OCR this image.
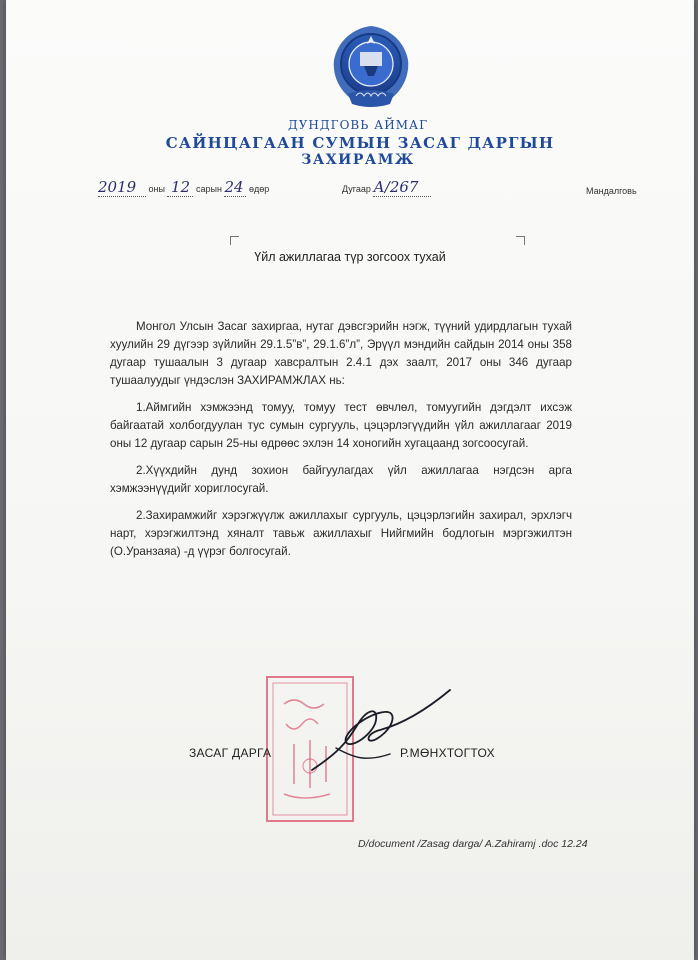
ДУНДГОВЬ АЙМАГ
САЙНЦАГААН СУМЫН ЗАСАГ ДАРГЫН
ЗАХИРАМЖ
2019 оны 12 сарын 24 өдөр	Дугаар А/267	Мандалговь
Үйл ажиллагаа түр зогсоох тухай

Монгол Улсын Засаг захиргаа, нутаг дэвсгэрийн нэгж, түүний удирдлагын тухай хуулийн 29 дүгээр зүйлийн 29.1.5”в”, 29.1.6”л”, Эрүүл мэндийн сайдын 2014 оны 358 дугаар тушаалын 3 дугаар хавсралтын 2.4.1 дэх заалт, 2017 оны 346 дугаар тушаалуудыг үндэслэн ЗАХИРАМЖЛАХ нь:

1.Аймгийн хэмжээнд томуу, томуу тест өвчлөл, томуугийн дэгдэлт ихсэж байгаатай холбогдуулан тус сумын сургууль, цэцэрлэгүүдийн үйл ажиллагааг 2019 оны 12 дугаар сарын 25-ны өдрөөс эхлэн 14 хоногийн хугацаанд зогсоосугай.

2.Хүүхдийн дунд зохион байгуулагдах үйл ажиллагаа нэгдсэн арга хэмжээнүүдийг хориглосугай.

2.Захирамжийг хэрэгжүүлж ажиллахыг сургууль, цэцэрлэгийн захирал, эрхлэгч нарт, хэрэгжилтэнд хяналт тавьж ажиллахыг Нийгмийн бодлогын мэргэжилтэн (О.Уранзаяа) -д үүрэг болгосугай.

ЗАСАГ ДАРГА	Р.МӨНХТОГТОХ
D/document /Zasag darga/ A.Zahiramj .doc 12.24
